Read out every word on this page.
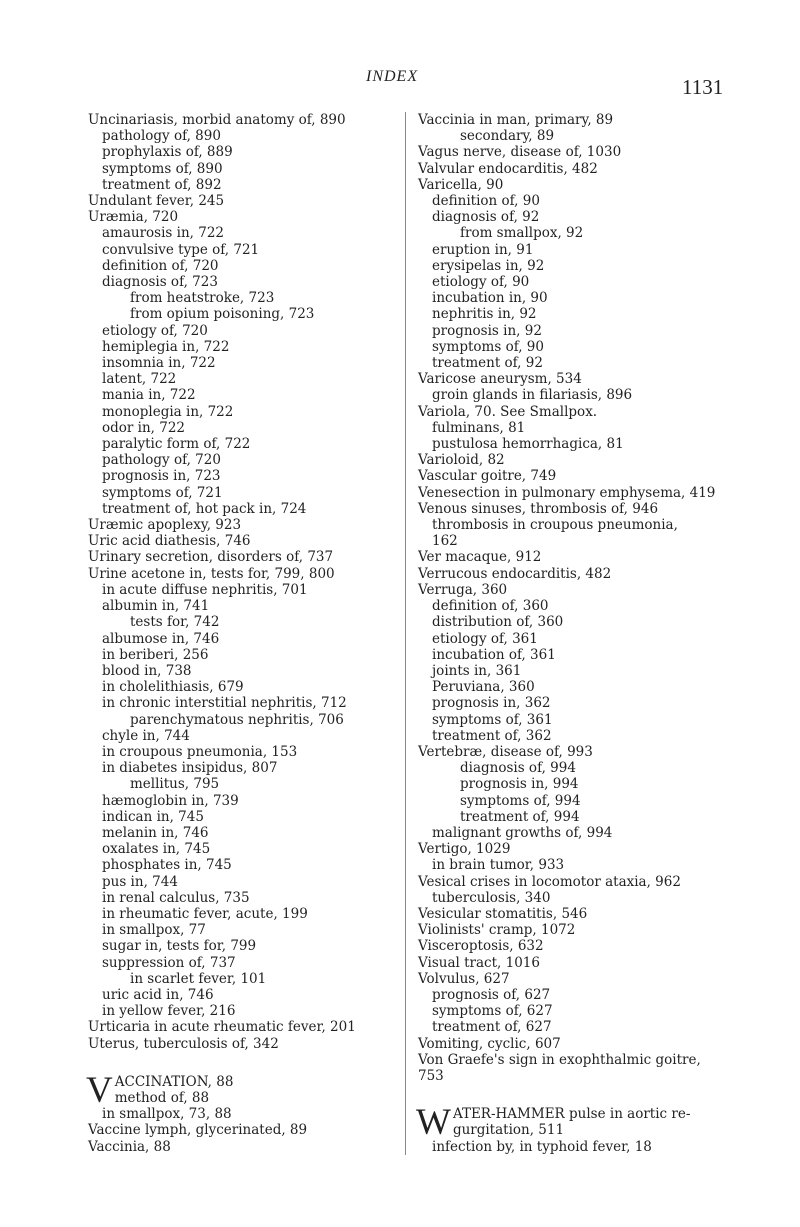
INDEX	1131
Uncinariasis, morbid anatomy of, 890
pathology of, 890
prophylaxis of, 889
symptoms of, 890
treatment of, 892
Undulant fever, 245
Uræmia, 720
amaurosis in, 722
convulsive type of, 721
definition of, 720
diagnosis of, 723
from heatstroke, 723
from opium poisoning, 723
etiology of, 720
hemiplegia in, 722
insomnia in, 722
latent, 722
mania in, 722
monoplegia in, 722
odor in, 722
paralytic form of, 722
pathology of, 720
prognosis in, 723
symptoms of, 721
treatment of, hot pack in, 724
Uræmic apoplexy, 923
Uric acid diathesis, 746
Urinary secretion, disorders of, 737
Urine acetone in, tests for, 799, 800
in acute diffuse nephritis, 701
albumin in, 741
tests for, 742
albumose in, 746
in beriberi, 256
blood in, 738
in cholelithiasis, 679
in chronic interstitial nephritis, 712
parenchymatous nephritis, 706
chyle in, 744
in croupous pneumonia, 153
in diabetes insipidus, 807
mellitus, 795
hæmoglobin in, 739
indican in, 745
melanin in, 746
oxalates in, 745
phosphates in, 745
pus in, 744
in renal calculus, 735
in rheumatic fever, acute, 199
in smallpox, 77
sugar in, tests for, 799
suppression of, 737
in scarlet fever, 101
uric acid in, 746
in yellow fever, 216
Urticaria in acute rheumatic fever, 201
Uterus, tuberculosis of, 342
V ACCINATION, 88
method of, 88
in smallpox, 73, 88
Vaccine lymph, glycerinated, 89
Vaccinia, 88
Vaccinia in man, primary, 89
secondary, 89
Vagus nerve, disease of, 1030
Valvular endocarditis, 482
Varicella, 90
definition of, 90
diagnosis of, 92
from smallpox, 92
eruption in, 91
erysipelas in, 92
etiology of, 90
incubation in, 90
nephritis in, 92
prognosis in, 92
symptoms of, 90
treatment of, 92
Varicose aneurysm, 534
groin glands in filariasis, 896
Variola, 70. See Smallpox.
fulminans, 81
pustulosa hemorrhagica, 81
Varioloid, 82
Vascular goitre, 749
Venesection in pulmonary emphysema, 419
Venous sinuses, thrombosis of, 946
thrombosis in croupous pneumonia,
162
Ver macaque, 912
Verrucous endocarditis, 482
Verruga, 360
definition of, 360
distribution of, 360
etiology of, 361
incubation of, 361
joints in, 361
Peruviana, 360
prognosis in, 362
symptoms of, 361
treatment of, 362
Vertebræ, disease of, 993
diagnosis of, 994
prognosis in, 994
symptoms of, 994
treatment of, 994
malignant growths of, 994
Vertigo, 1029
in brain tumor, 933
Vesical crises in locomotor ataxia, 962
tuberculosis, 340
Vesicular stomatitis, 546
Violinists' cramp, 1072
Visceroptosis, 632
Visual tract, 1016
Volvulus, 627
prognosis of, 627
symptoms of, 627
treatment of, 627
Vomiting, cyclic, 607
Von Graefe's sign in exophthalmic goitre,
753
W ATER-HAMMER pulse in aortic re-
gurgitation, 511
infection by, in typhoid fever, 18
